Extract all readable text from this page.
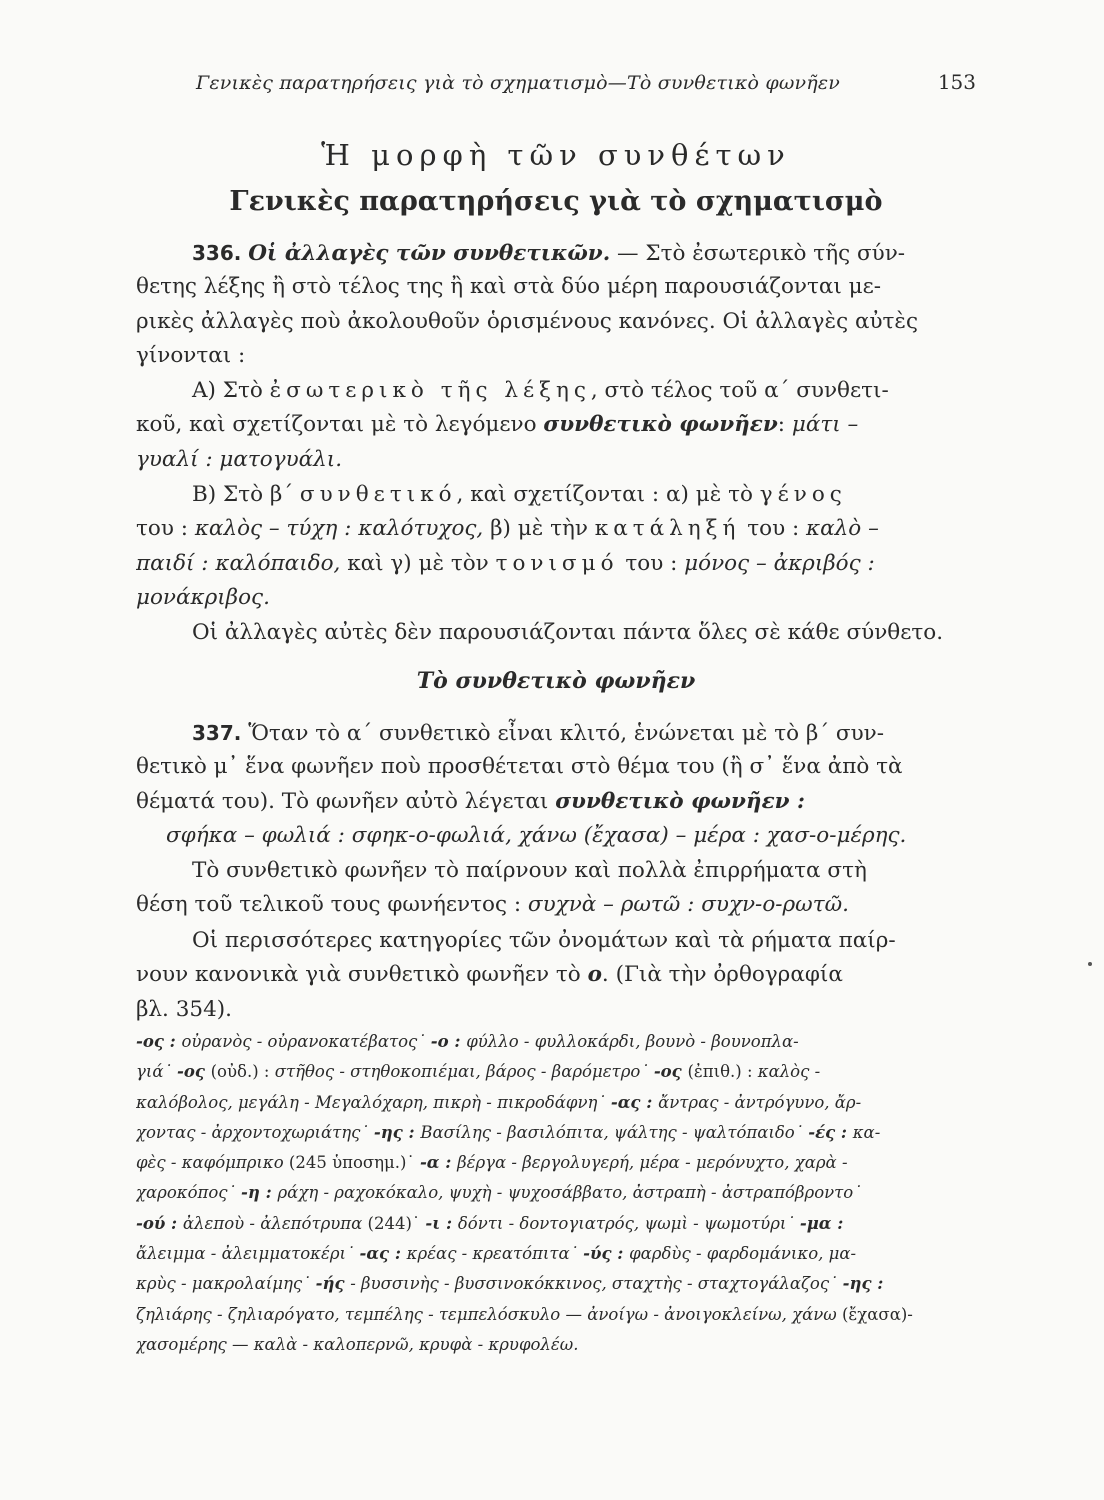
Γενικὲς παρατηρήσεις γιὰ τὸ σχηματισμὸ—Τὸ συνθετικὸ φωνῆεν	153
Ἡ μορφὴ τῶν συνθέτων
Γενικὲς παρατηρήσεις γιὰ τὸ σχηματισμὸ
336. Οἱ ἀλλαγὲς τῶν συνθετικῶν. — Στὸ ἐσωτερικὸ τῆς σύν-
θετης λέξης ἢ στὸ τέλος της ἢ καὶ στὰ δύο μέρη παρουσιάζονται με-
ρικὲς ἀλλαγὲς ποὺ ἀκολουθοῦν ὁρισμένους κανόνες. Οἱ ἀλλαγὲς αὐτὲς
γίνονται :
A) Στὸ ἐσωτερικὸ τῆς λέξης, στὸ τέλος τοῦ α΄ συνθετι-
κοῦ, καὶ σχετίζονται μὲ τὸ λεγόμενο συνθετικὸ φωνῆεν: μάτι –
γυαλί : ματογυάλι.
B) Στὸ β΄ συνθετικό, καὶ σχετίζονται : α) μὲ τὸ γένος
του : καλὸς – τύχη : καλότυχος, β) μὲ τὴν κατάληξή του : καλὸ –
παιδί : καλόπαιδο, καὶ γ) μὲ τὸν τονισμό του : μόνος – ἀκριβός :
μονάκριβος.
Οἱ ἀλλαγὲς αὐτὲς δὲν παρουσιάζονται πάντα ὅλες σὲ κάθε σύνθετο.
Τὸ συνθετικὸ φωνῆεν
337. Ὅταν τὸ α΄ συνθετικὸ εἶναι κλιτό, ἑνώνεται μὲ τὸ β΄ συν-
θετικὸ μ᾿ ἕνα φωνῆεν ποὺ προσθέτεται στὸ θέμα του (ἢ σ᾿ ἕνα ἀπὸ τὰ
θέματά του). Τὸ φωνῆεν αὐτὸ λέγεται συνθετικὸ φωνῆεν :
σφήκα – φωλιά : σφηκ-ο-φωλιά, χάνω (ἔχασα) – μέρα : χασ-ο-μέρης.
Τὸ συνθετικὸ φωνῆεν τὸ παίρνουν καὶ πολλὰ ἐπιρρήματα στὴ
θέση τοῦ τελικοῦ τους φωνήεντος : συχνὰ – ρωτῶ : συχν-ο-ρωτῶ.
Οἱ περισσότερες κατηγορίες τῶν ὀνομάτων καὶ τὰ ρήματα παίρ-
νουν κανονικὰ γιὰ συνθετικὸ φωνῆεν τὸ ο. (Γιὰ τὴν ὀρθογραφία
βλ. 354).
-ος : οὐρανὸς - οὐρανοκατέβατος˙ -ο : φύλλο - φυλλοκάρδι, βουνὸ - βουνοπλα-
γιά˙ -ος (οὐδ.) : στῆθος - στηθοκοπιέμαι, βάρος - βαρόμετρο˙ -ος (ἐπιθ.) : καλὸς -
καλόβολος, μεγάλη - Μεγαλόχαρη, πικρὴ - πικροδάφνη˙ -ας : ἄντρας - ἀντρόγυνο, ἄρ-
χοντας - ἀρχοντοχωριάτης˙ -ης : Βασίλης - βασιλόπιτα, ψάλτης - ψαλτόπαιδο˙ -ές : κα-
φὲς - καφόμπρικο (245 ὑποσημ.)˙ -α : βέργα - βεργολυγερή, μέρα - μερόνυχτο, χαρὰ -
χαροκόπος˙ -η : ράχη - ραχοκόκαλο, ψυχὴ - ψυχοσάββατο, ἀστραπὴ - ἀστραπόβροντο˙
-ού : ἀλεποὺ - ἀλεπότρυπα (244)˙ -ι : δόντι - δοντογιατρός, ψωμὶ - ψωμοτύρι˙ -μα :
ἄλειμμα - ἀλειμματοκέρι˙ -ας : κρέας - κρεατόπιτα˙ -ύς : φαρδὺς - φαρδομάνικο, μα-
κρὺς - μακρολαίμης˙ -ής - βυσσινὴς - βυσσινοκόκκινος, σταχτὴς - σταχτογάλαζος˙ -ης :
ζηλιάρης - ζηλιαρόγατο, τεμπέλης - τεμπελόσκυλο — ἀνοίγω - ἀνοιγοκλείνω, χάνω (ἔχασα)-
χασομέρης — καλὰ - καλοπερνῶ, κρυφὰ - κρυφολέω.
